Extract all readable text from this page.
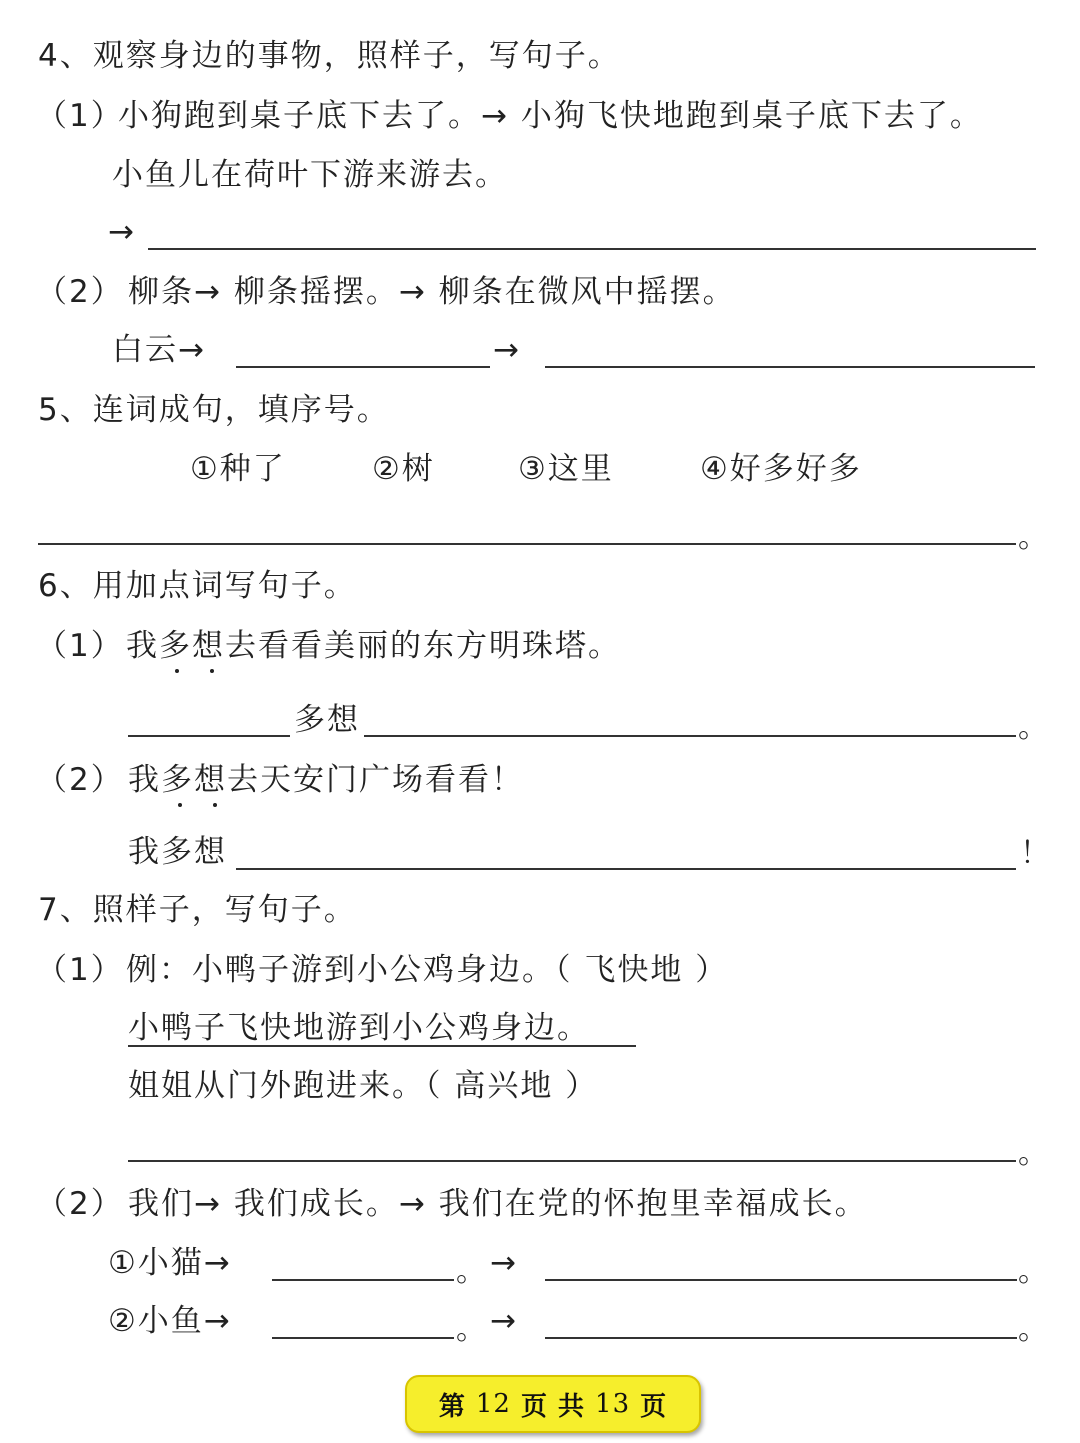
4、观察身边的事物，照样子，写句子。
（1）
小狗跑到桌子底下去了。→ 小狗飞快地跑到桌子底下去了。
小鱼儿在荷叶下游来游去。
→
（2） 柳条→ 柳条摇摆。→ 柳条在微风中摇摆。
白云→	→
5、连词成句，填序号。
①种了	②树	③这里	④好多好多
。
6、用加点词写句子。
（1） 我多想去看看美丽的东方明珠塔。
多想	。
（2） 我多想去天安门广场看看！
我多想	！
7、照样子，写句子。
（1） 例：小鸭子游到小公鸡身边。（ 飞快地 ）
小鸭子飞快地游到小公鸡身边。
姐姐从门外跑进来。（ 高兴地 ）
。
（2） 我们→ 我们成长。→ 我们在党的怀抱里幸福成长。
①小猫→	。 →	。
②小鱼→	。 →	。
第 12 页 共 13 页
